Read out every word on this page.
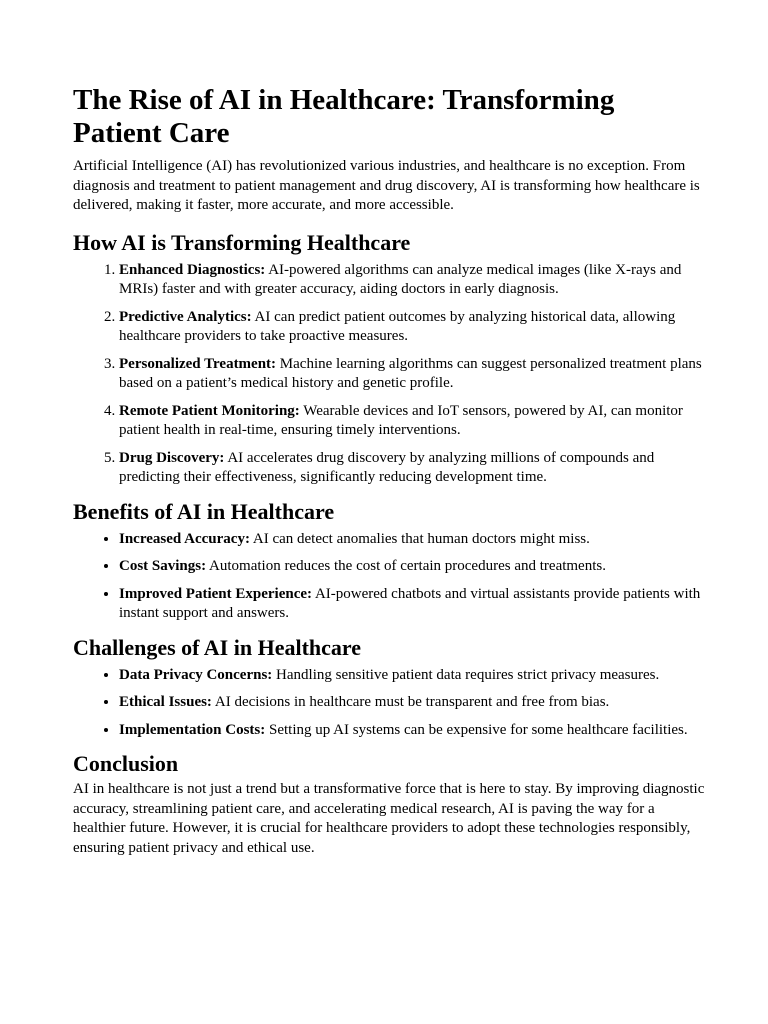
The Rise of AI in Healthcare: Transforming Patient Care

Artificial Intelligence (AI) has revolutionized various industries, and healthcare is no exception. From diagnosis and treatment to patient management and drug discovery, AI is transforming how healthcare is delivered, making it faster, more accurate, and more accessible.

How AI is Transforming Healthcare
1. Enhanced Diagnostics: AI-powered algorithms can analyze medical images (like X-rays and MRIs) faster and with greater accuracy, aiding doctors in early diagnosis.
2. Predictive Analytics: AI can predict patient outcomes by analyzing historical data, allowing healthcare providers to take proactive measures.
3. Personalized Treatment: Machine learning algorithms can suggest personalized treatment plans based on a patient’s medical history and genetic profile.
4. Remote Patient Monitoring: Wearable devices and IoT sensors, powered by AI, can monitor patient health in real-time, ensuring timely interventions.
5. Drug Discovery: AI accelerates drug discovery by analyzing millions of compounds and predicting their effectiveness, significantly reducing development time.
Benefits of AI in Healthcare
• Increased Accuracy: AI can detect anomalies that human doctors might miss.
• Cost Savings: Automation reduces the cost of certain procedures and treatments.
• Improved Patient Experience: AI-powered chatbots and virtual assistants provide patients with instant support and answers.
Challenges of AI in Healthcare
• Data Privacy Concerns: Handling sensitive patient data requires strict privacy measures.
• Ethical Issues: AI decisions in healthcare must be transparent and free from bias.
• Implementation Costs: Setting up AI systems can be expensive for some healthcare facilities.
Conclusion

AI in healthcare is not just a trend but a transformative force that is here to stay. By improving diagnostic accuracy, streamlining patient care, and accelerating medical research, AI is paving the way for a healthier future. However, it is crucial for healthcare providers to adopt these technologies responsibly, ensuring patient privacy and ethical use.
